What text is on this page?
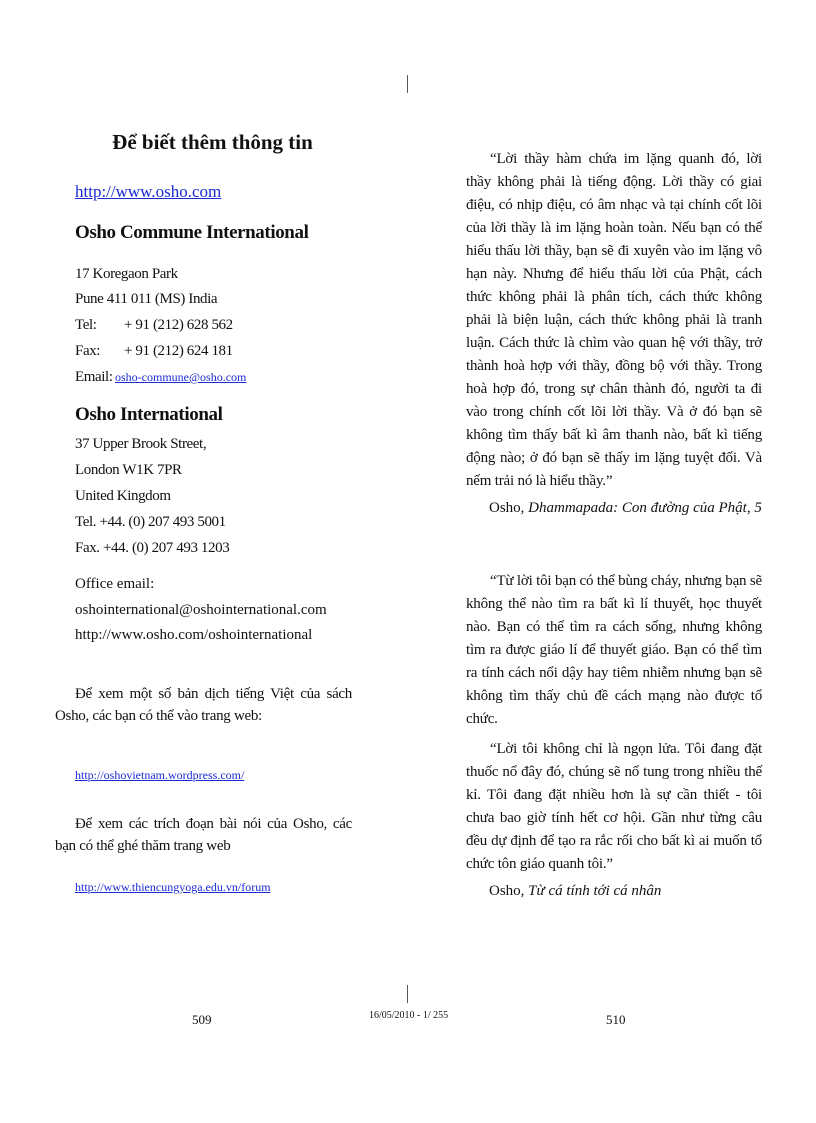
Để biết thêm thông tin
http://www.osho.com
Osho Commune International
17 Koregaon Park
Pune 411 011 (MS) India
Tel: + 91 (212) 628 562
Fax: + 91 (212) 624 181
Email: osho-commune@osho.com
Osho International
37 Upper Brook Street,
London W1K 7PR
United Kingdom
Tel. +44. (0) 207 493 5001
Fax. +44. (0) 207 493 1203
Office email:
oshointernational@oshointernational.com
http://www.osho.com/oshointernational

Để xem một số bản dịch tiếng Việt của sách Osho, các bạn có thể vào trang web:

http://oshovietnam.wordpress.com/

Để xem các trích đoạn bài nói của Osho, các bạn có thể ghé thăm trang web

http://www.thiencungyoga.edu.vn/forum

“Lời thầy hàm chứa im lặng quanh đó, lời thầy không phải là tiếng động. Lời thầy có giai điệu, có nhịp điệu, có âm nhạc và tại chính cốt lõi của lời thầy là im lặng hoàn toàn. Nếu bạn có thể hiểu thấu lời thầy, bạn sẽ đi xuyên vào im lặng vô hạn này. Nhưng để hiểu thấu lời của Phật, cách thức không phải là phân tích, cách thức không phải là biện luận, cách thức không phải là tranh luận. Cách thức là chìm vào quan hệ với thầy, trở thành hoà hợp với thầy, đồng bộ với thầy. Trong hoà hợp đó, trong sự chân thành đó, người ta đi vào trong chính cốt lõi lời thầy. Và ở đó bạn sẽ không tìm thấy bất kì âm thanh nào, bất kì tiếng động nào; ở đó bạn sẽ thấy im lặng tuyệt đối. Và nếm trải nó là hiểu thầy.”

Osho, Dhammapada: Con đường của Phật, 5

“Từ lời tôi bạn có thể bùng cháy, nhưng bạn sẽ không thể nào tìm ra bất kì lí thuyết, học thuyết nào. Bạn có thể tìm ra cách sống, nhưng không tìm ra được giáo lí để thuyết giáo. Bạn có thể tìm ra tính cách nổi dậy hay tiêm nhiễm nhưng bạn sẽ không tìm thấy chủ đề cách mạng nào được tổ chức.

“Lời tôi không chỉ là ngọn lửa. Tôi đang đặt thuốc nổ đây đó, chúng sẽ nổ tung trong nhiều thế kỉ. Tôi đang đặt nhiều hơn là sự cần thiết - tôi chưa bao giờ tính hết cơ hội. Gần như từng câu đều dự định để tạo ra rắc rối cho bất kì ai muốn tổ chức tôn giáo quanh tôi.”

Osho, Từ cá tính tới cá nhân
509	16/05/2010 - 1/ 255	510
